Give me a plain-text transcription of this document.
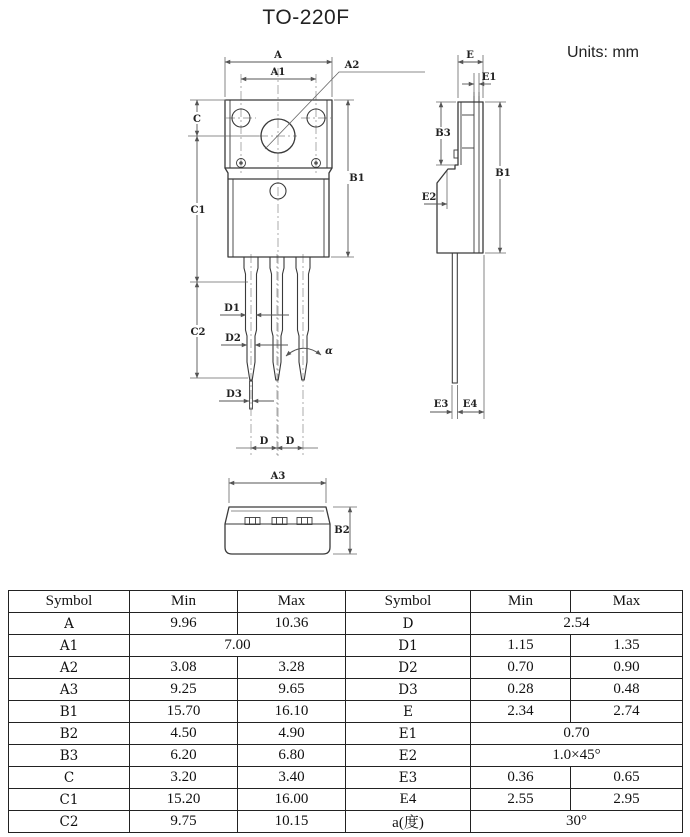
TO-220F
Units: mm
A
A1
A2
C
C1
C2
B1
D1
D2
D3
D D
α
E
E1
B3
B1
E2
E3 E4
A3
B2
Symbol	Min	Max	Symbol	Min	Max
A	9.96	10.36	D	2.54	
A1	7.00		D1	1.15	1.35
A2	3.08	3.28	D2	0.70	0.90
A3	9.25	9.65	D3	0.28	0.48
B1	15.70	16.10	E	2.34	2.74
B2	4.50	4.90	E1	0.70	
B3	6.20	6.80	E2	1.0×45°	
C	3.20	3.40	E3	0.36	0.65
C1	15.20	16.00	E4	2.55	2.95
C2	9.75	10.15	a(度)	30°	
